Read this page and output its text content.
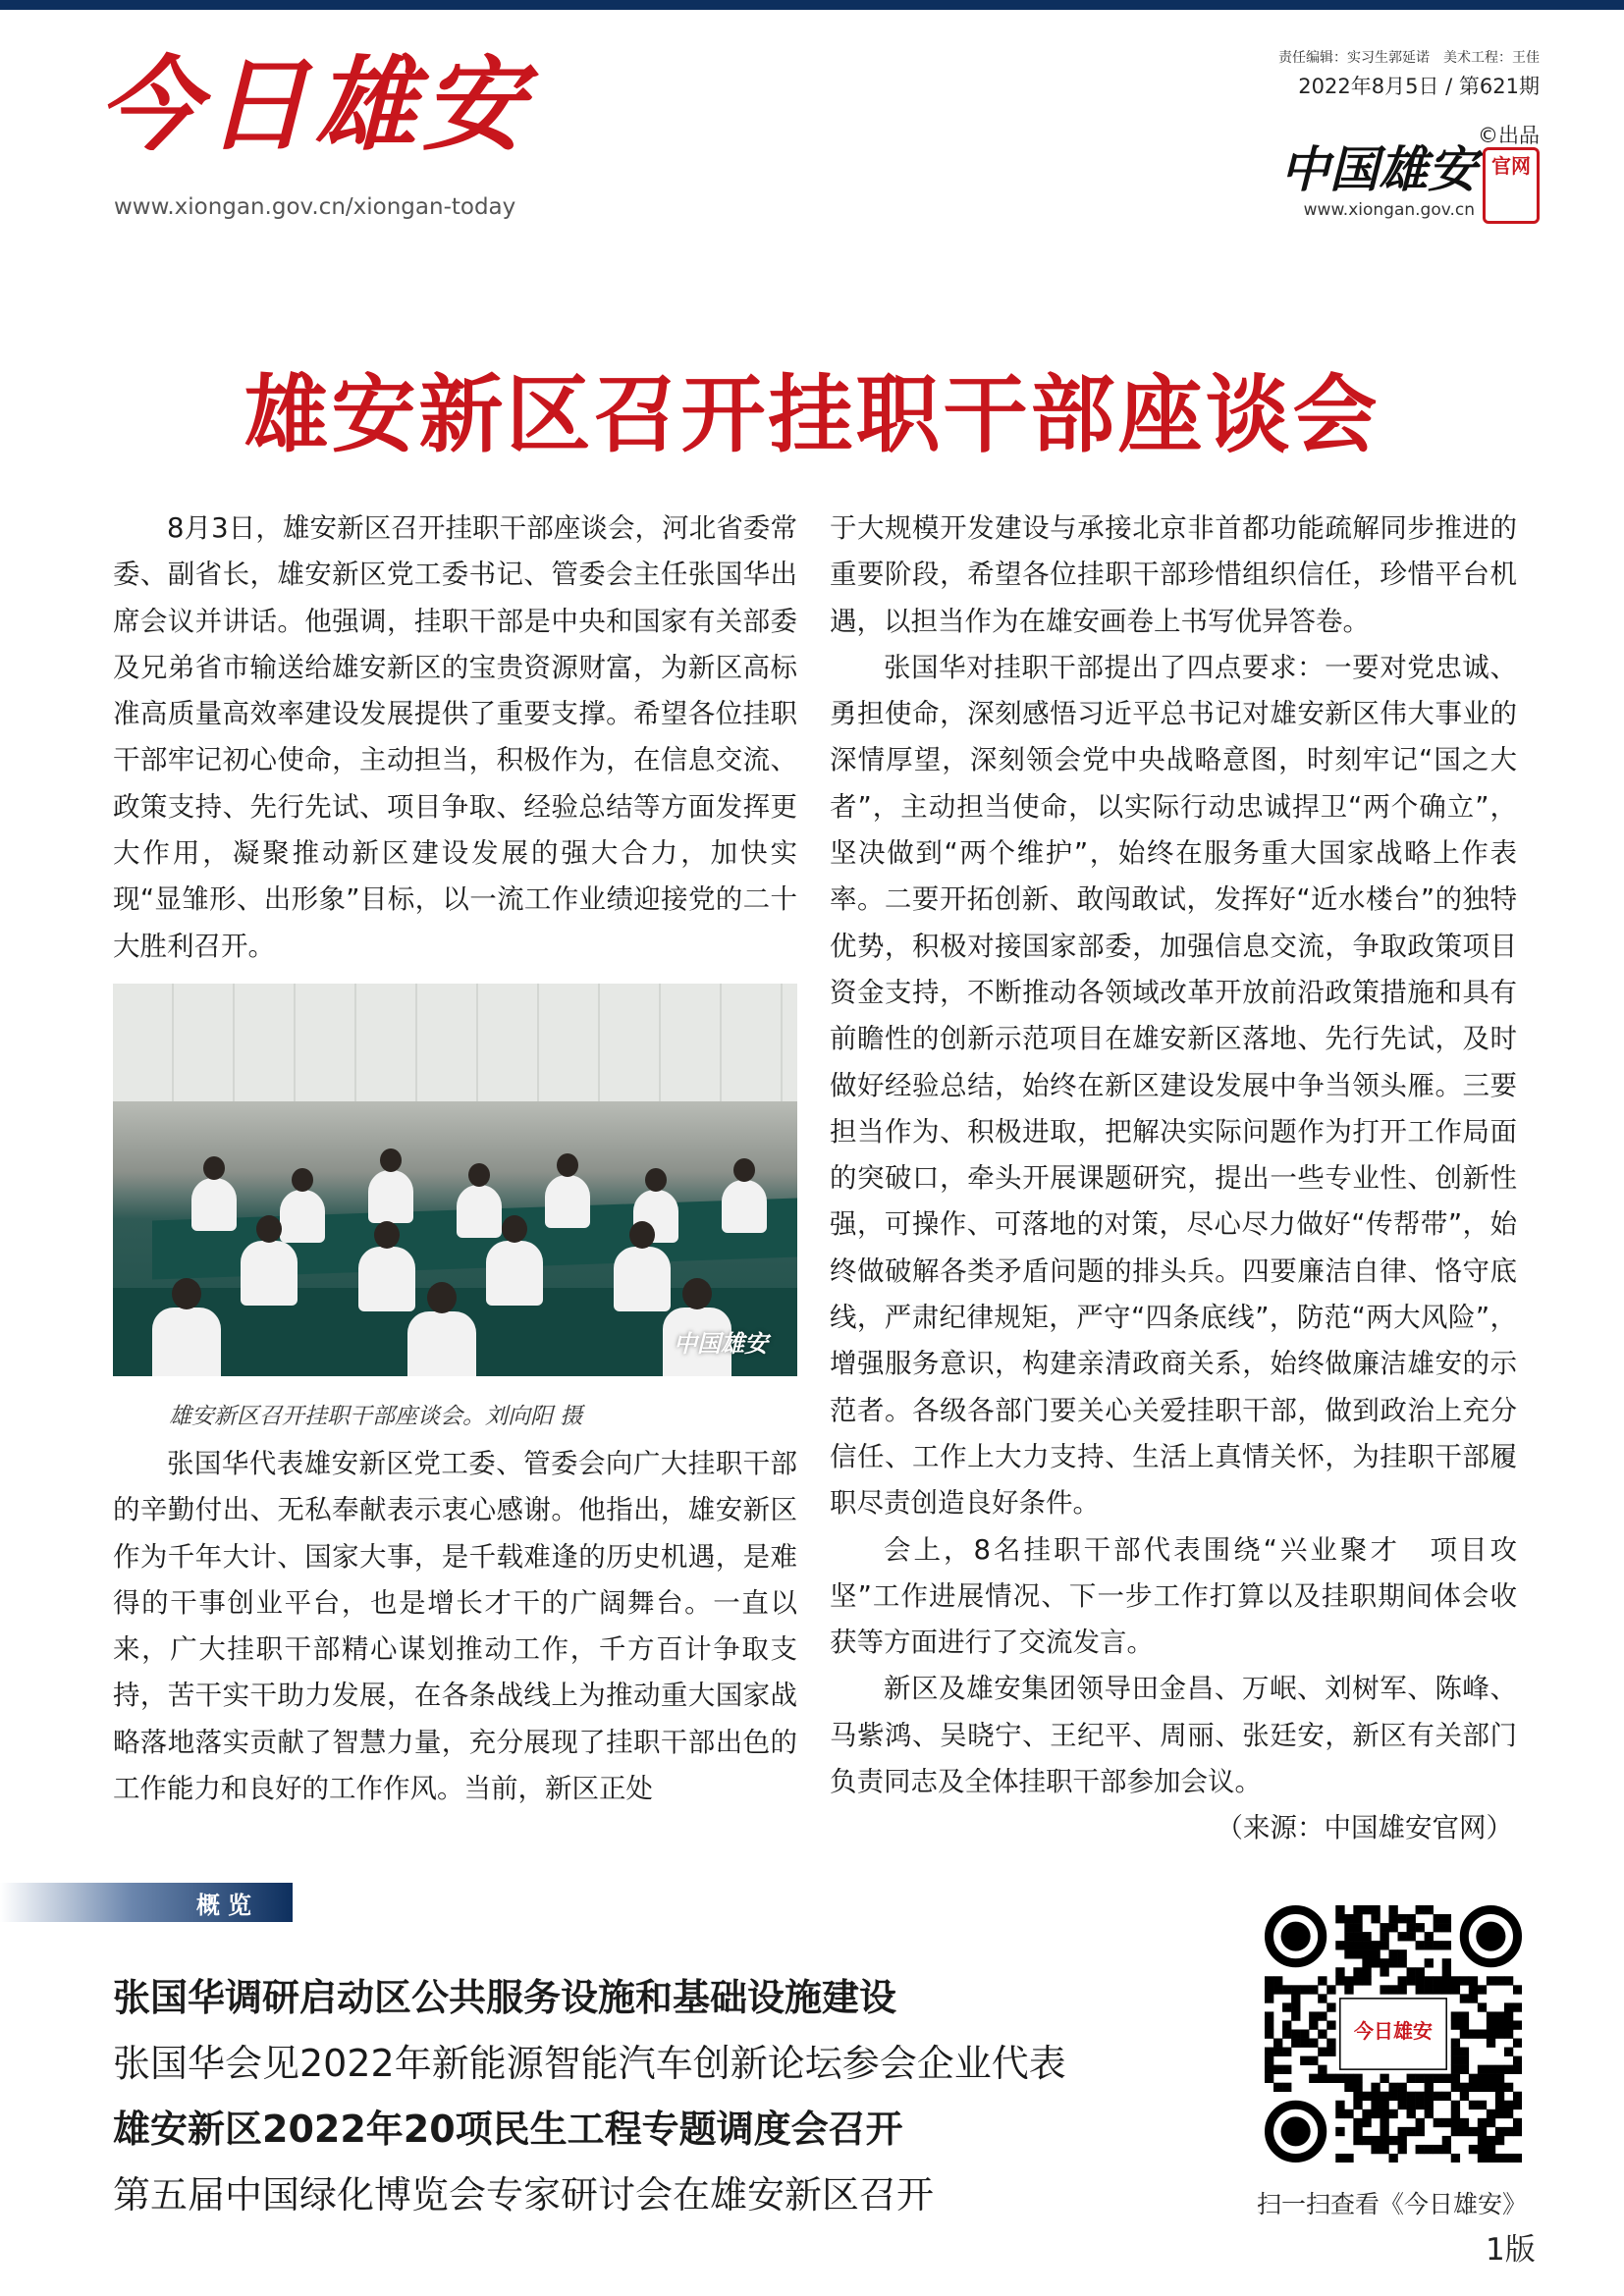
今日雄安
www.xiongan.gov.cn/xiongan-today
责任编辑：实习生郭延诺　美术工程：王佳
2022年8月5日 / 第621期
©出品
中国雄安 官网
www.xiongan.gov.cn
雄安新区召开挂职干部座谈会

8月3日，雄安新区召开挂职干部座谈会，河北省委常委、副省长，雄安新区党工委书记、管委会主任张国华出席会议并讲话。他强调，挂职干部是中央和国家有关部委及兄弟省市输送给雄安新区的宝贵资源财富，为新区高标准高质量高效率建设发展提供了重要支撑。希望各位挂职干部牢记初心使命，主动担当，积极作为，在信息交流、政策支持、先行先试、项目争取、经验总结等方面发挥更大作用，凝聚推动新区建设发展的强大合力，加快实现“显雏形、出形象”目标，以一流工作业绩迎接党的二十大胜利召开。

中国雄安
雄安新区召开挂职干部座谈会。刘向阳 摄

张国华代表雄安新区党工委、管委会向广大挂职干部的辛勤付出、无私奉献表示衷心感谢。他指出，雄安新区作为千年大计、国家大事，是千载难逢的历史机遇，是难得的干事创业平台，也是增长才干的广阔舞台。一直以来，广大挂职干部精心谋划推动工作，千方百计争取支持，苦干实干助力发展，在各条战线上为推动重大国家战略落地落实贡献了智慧力量，充分展现了挂职干部出色的工作能力和良好的工作作风。当前，新区正处

于大规模开发建设与承接北京非首都功能疏解同步推进的重要阶段，希望各位挂职干部珍惜组织信任，珍惜平台机遇，以担当作为在雄安画卷上书写优异答卷。

张国华对挂职干部提出了四点要求：一要对党忠诚、勇担使命，深刻感悟习近平总书记对雄安新区伟大事业的深情厚望，深刻领会党中央战略意图，时刻牢记“国之大者”，主动担当使命，以实际行动忠诚捍卫“两个确立”，坚决做到“两个维护”，始终在服务重大国家战略上作表率。二要开拓创新、敢闯敢试，发挥好“近水楼台”的独特优势，积极对接国家部委，加强信息交流，争取政策项目资金支持，不断推动各领域改革开放前沿政策措施和具有前瞻性的创新示范项目在雄安新区落地、先行先试，及时做好经验总结，始终在新区建设发展中争当领头雁。三要担当作为、积极进取，把解决实际问题作为打开工作局面的突破口，牵头开展课题研究，提出一些专业性、创新性强，可操作、可落地的对策，尽心尽力做好“传帮带”，始终做破解各类矛盾问题的排头兵。四要廉洁自律、恪守底线，严肃纪律规矩，严守“四条底线”，防范“两大风险”，增强服务意识，构建亲清政商关系，始终做廉洁雄安的示范者。各级各部门要关心关爱挂职干部，做到政治上充分信任、工作上大力支持、生活上真情关怀，为挂职干部履职尽责创造良好条件。

会上，8名挂职干部代表围绕“兴业聚才　项目攻坚”工作进展情况、下一步工作打算以及挂职期间体会收获等方面进行了交流发言。

新区及雄安集团领导田金昌、万岷、刘树军、陈峰、马紫鸿、吴晓宁、王纪平、周丽、张廷安，新区有关部门负责同志及全体挂职干部参加会议。

（来源：中国雄安官网）

概览
张国华调研启动区公共服务设施和基础设施建设
张国华会见2022年新能源智能汽车创新论坛参会企业代表
雄安新区2022年20项民生工程专题调度会召开
第五届中国绿化博览会专家研讨会在雄安新区召开
今日雄安
扫一扫查看《今日雄安》
1版
